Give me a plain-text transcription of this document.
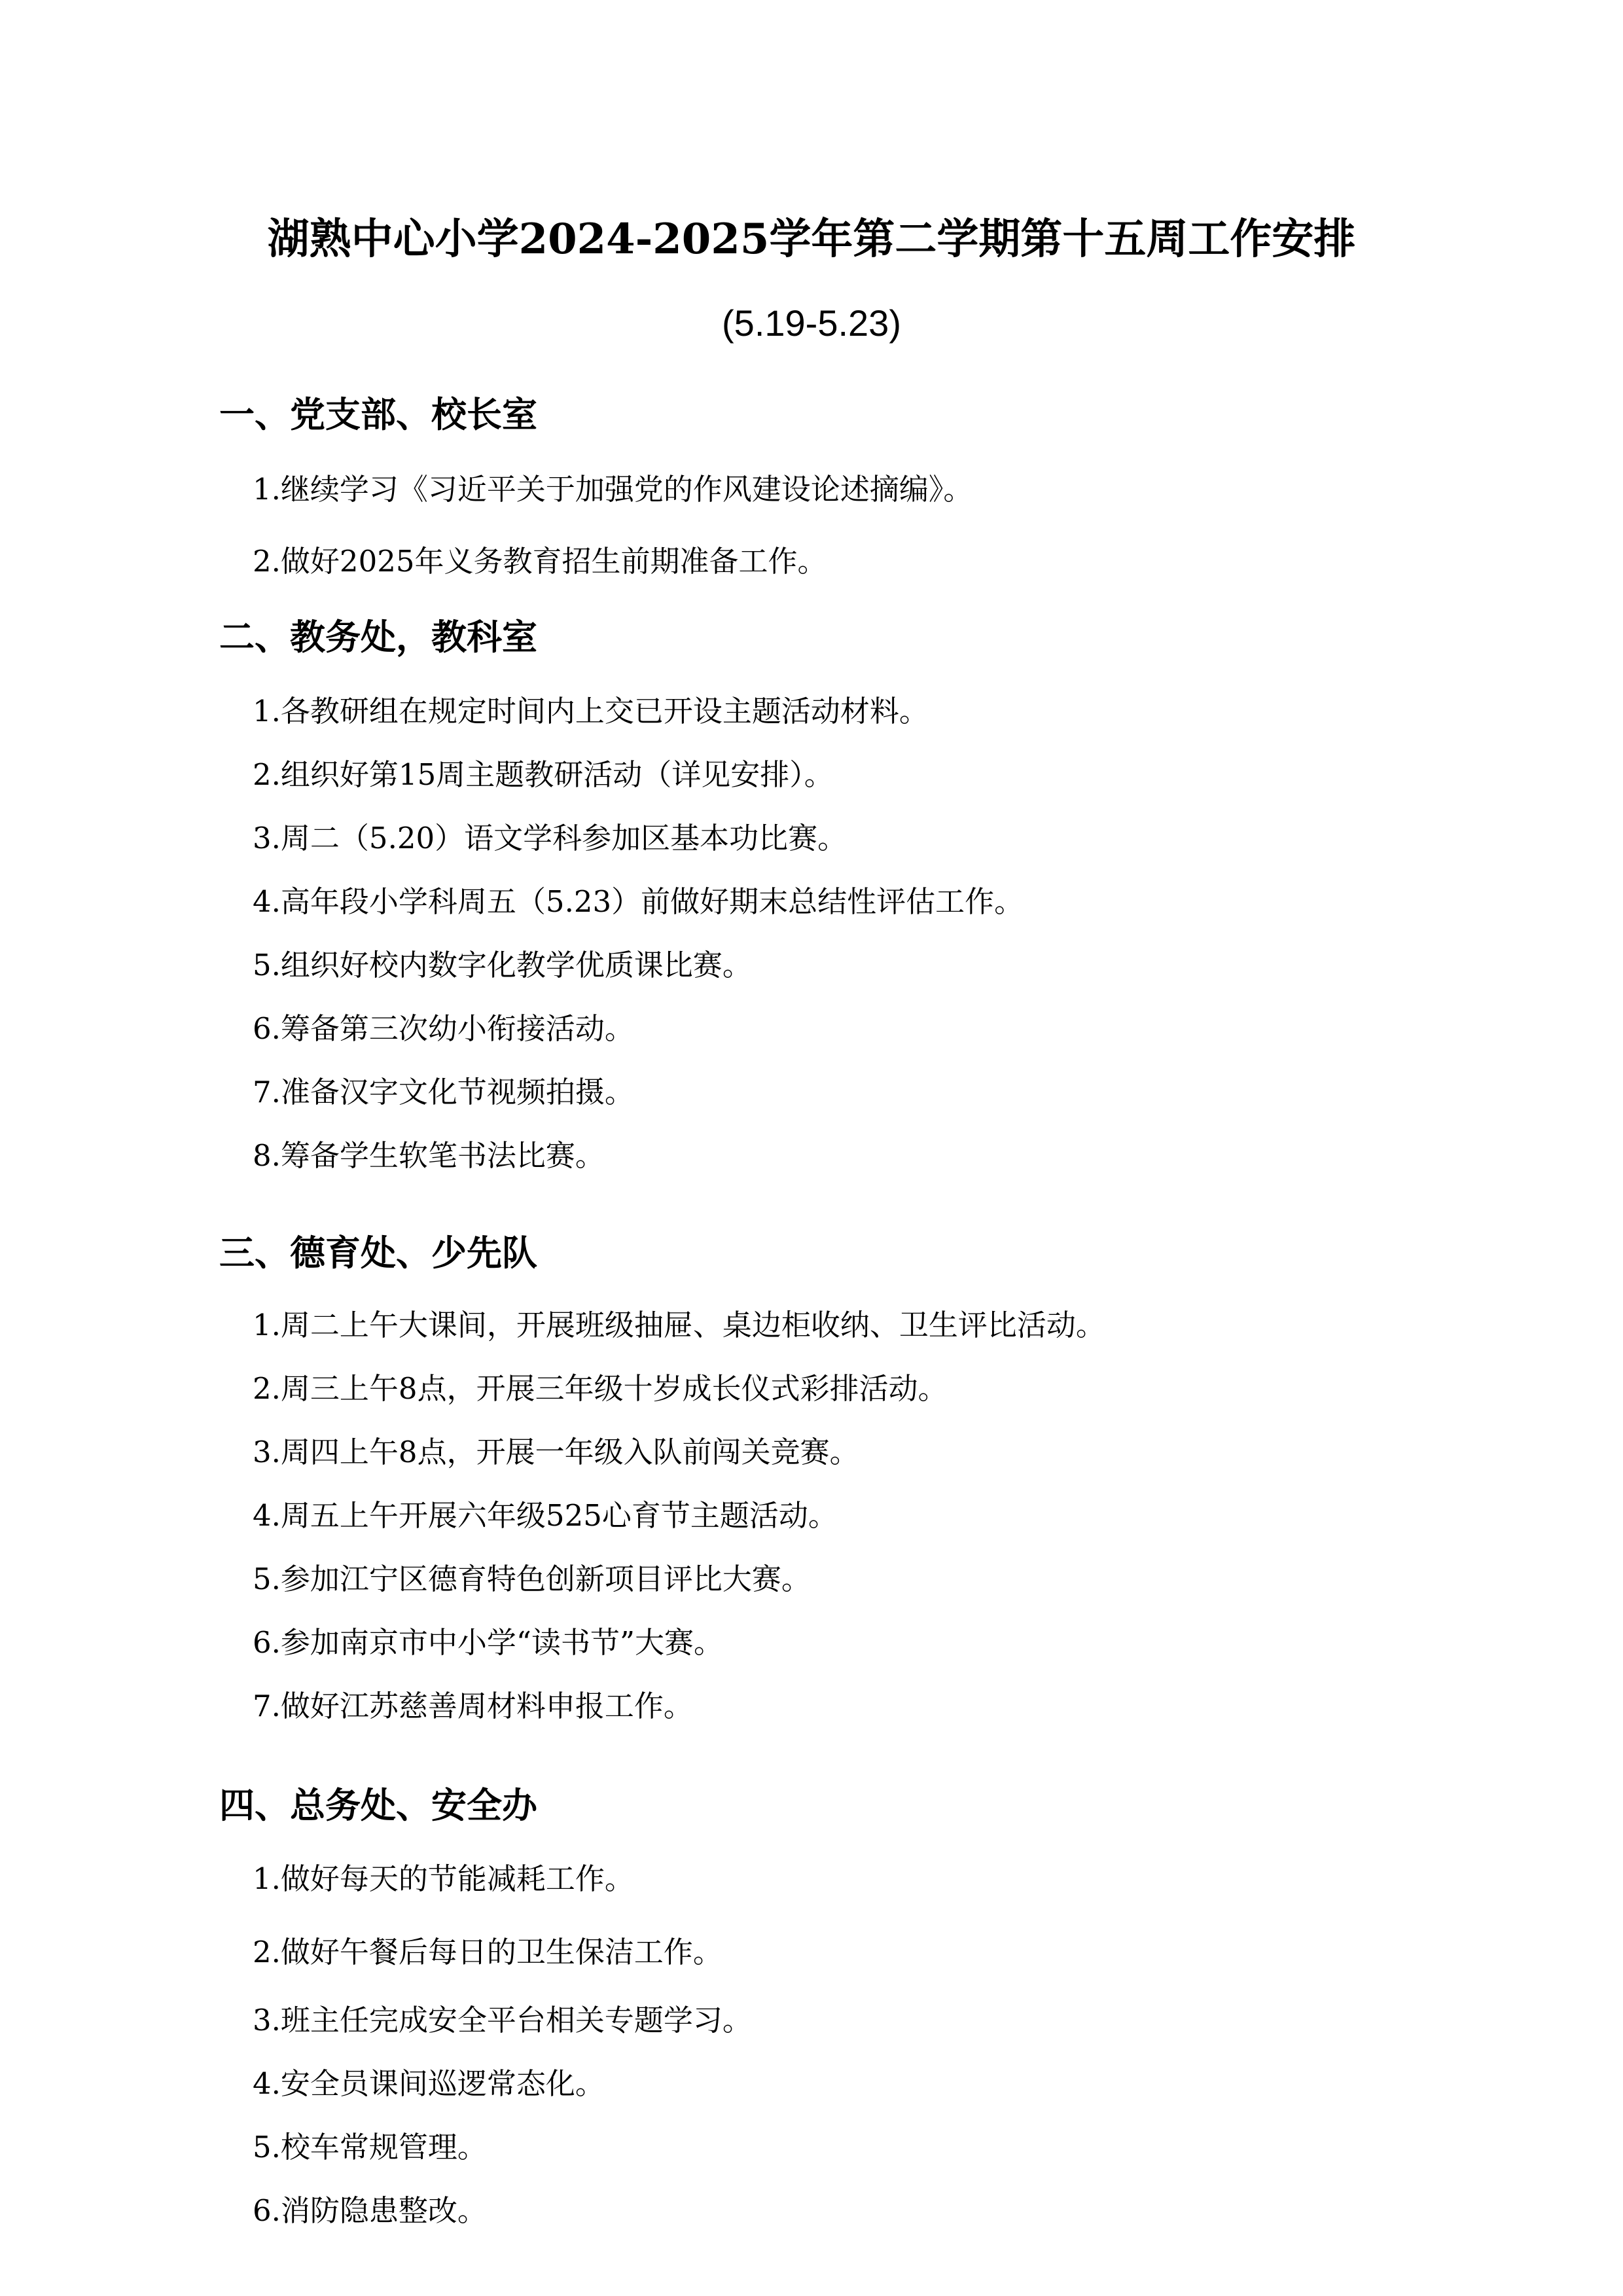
湖熟中心小学2024-2025学年第二学期第十五周工作安排
(5.19-5.23)
一、党支部、校长室
1.继续学习《习近平关于加强党的作风建设论述摘编》。
2.做好2025年义务教育招生前期准备工作。
二、教务处，教科室
1.各教研组在规定时间内上交已开设主题活动材料。
2.组织好第15周主题教研活动（详见安排）。
3.周二（5.20）语文学科参加区基本功比赛。
4.高年段小学科周五（5.23）前做好期末总结性评估工作。
5.组织好校内数字化教学优质课比赛。
6.筹备第三次幼小衔接活动。
7.准备汉字文化节视频拍摄。
8.筹备学生软笔书法比赛。
三、德育处、少先队
1.周二上午大课间，开展班级抽屉、桌边柜收纳、卫生评比活动。
2.周三上午8点，开展三年级十岁成长仪式彩排活动。
3.周四上午8点，开展一年级入队前闯关竞赛。
4.周五上午开展六年级525心育节主题活动。
5.参加江宁区德育特色创新项目评比大赛。
6.参加南京市中小学“读书节”大赛。
7.做好江苏慈善周材料申报工作。
四、总务处、安全办
1.做好每天的节能减耗工作。
2.做好午餐后每日的卫生保洁工作。
3.班主任完成安全平台相关专题学习。
4.安全员课间巡逻常态化。
5.校车常规管理。
6.消防隐患整改。
